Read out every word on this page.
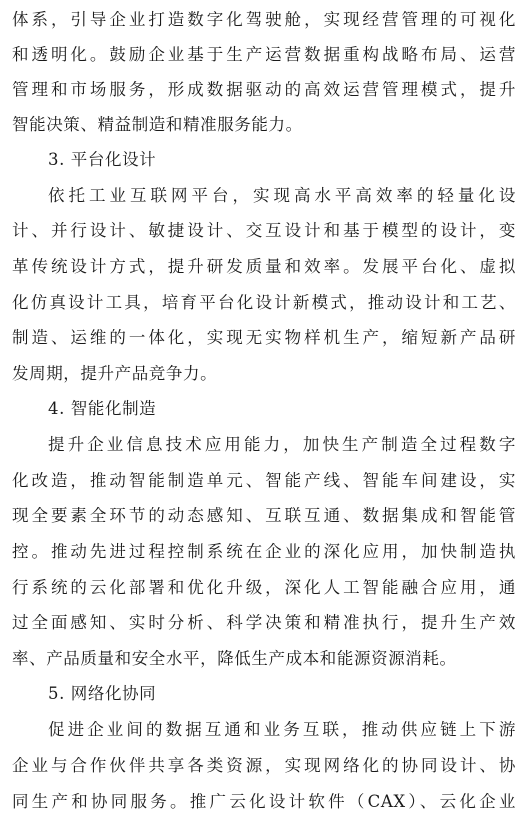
体系，引导企业打造数字化驾驶舱，实现经营管理的可视化
和透明化。鼓励企业基于生产运营数据重构战略布局、运营
管理和市场服务，形成数据驱动的高效运营管理模式，提升
智能决策、精益制造和精准服务能力。
3. 平台化设计
依托工业互联网平台，实现高水平高效率的轻量化设
计、并行设计、敏捷设计、交互设计和基于模型的设计，变
革传统设计方式，提升研发质量和效率。发展平台化、虚拟
化仿真设计工具，培育平台化设计新模式，推动设计和工艺、
制造、运维的一体化，实现无实物样机生产，缩短新产品研
发周期，提升产品竞争力。
4. 智能化制造
提升企业信息技术应用能力，加快生产制造全过程数字
化改造，推动智能制造单元、智能产线、智能车间建设，实
现全要素全环节的动态感知、互联互通、数据集成和智能管
控。推动先进过程控制系统在企业的深化应用，加快制造执
行系统的云化部署和优化升级，深化人工智能融合应用，通
过全面感知、实时分析、科学决策和精准执行，提升生产效
率、产品质量和安全水平，降低生产成本和能源资源消耗。
5. 网络化协同
促进企业间的数据互通和业务互联，推动供应链上下游
企业与合作伙伴共享各类资源，实现网络化的协同设计、协
同生产和协同服务。推广云化设计软件（CAX）、云化企业
